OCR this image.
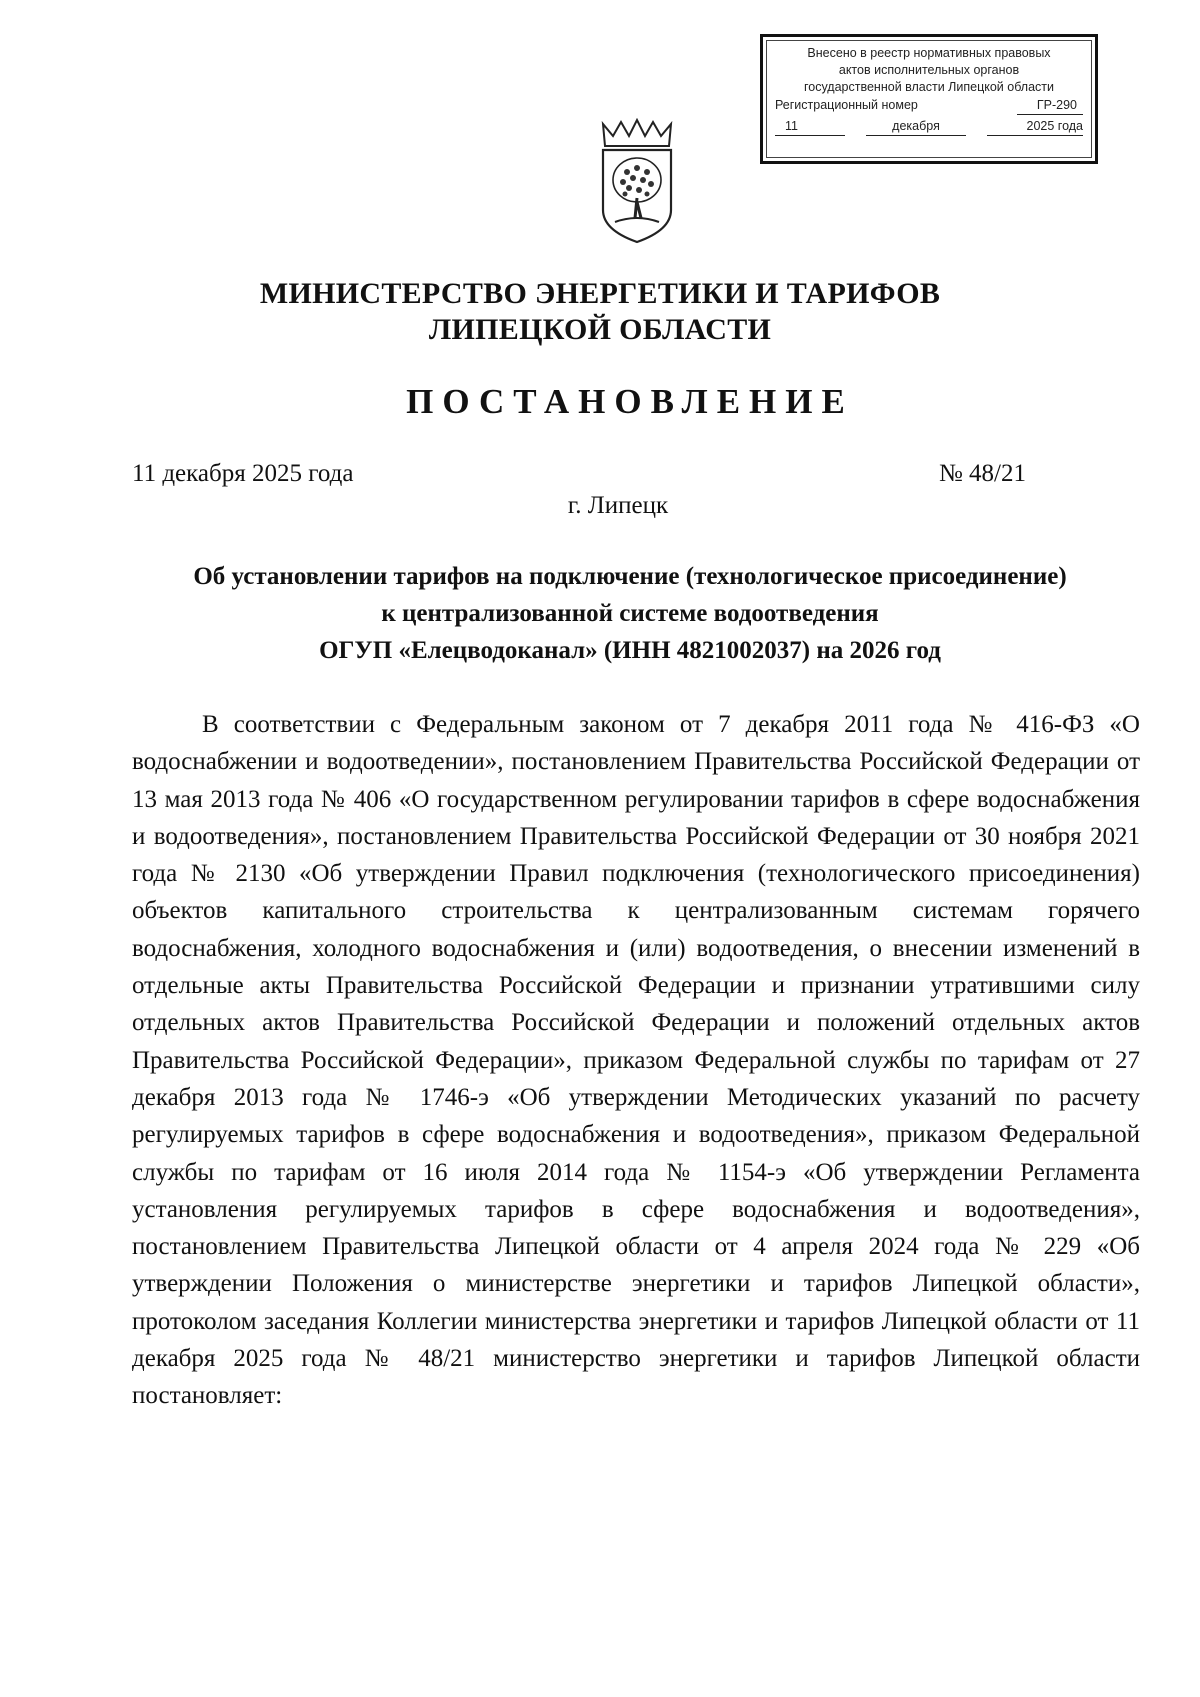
Внесено в реестр нормативных правовых
актов исполнительных органов
государственной власти Липецкой области
Регистрационный номер	ГР-290
11	декабря	2025 года
МИНИСТЕРСТВО ЭНЕРГЕТИКИ И ТАРИФОВ
ЛИПЕЦКОЙ ОБЛАСТИ
ПОСТАНОВЛЕНИЕ
11 декабря 2025 года	№ 48/21
г. Липецк
Об установлении тарифов на подключение (технологическое присоединение)
к централизованной системе водоотведения
ОГУП «Елецводоканал» (ИНН 4821002037) на 2026 год

В соответствии с Федеральным законом от 7 декабря 2011 года № 416-ФЗ «О водоснабжении и водоотведении», постановлением Правительства Российской Федерации от 13 мая 2013 года № 406 «О государственном регулировании тарифов в сфере водоснабжения и водоотведения», постановлением Правительства Российской Федерации от 30 ноября 2021 года № 2130 «Об утверждении Правил подключения (технологического присоединения) объектов капитального строительства к централизованным системам горячего водоснабжения, холодного водоснабжения и (или) водоотведения, о внесении изменений в отдельные акты Правительства Российской Федерации и признании утратившими силу отдельных актов Правительства Российской Федерации и положений отдельных актов Правительства Российской Федерации», приказом Федеральной службы по тарифам от 27 декабря 2013 года № 1746-э «Об утверждении Методических указаний по расчету регулируемых тарифов в сфере водоснабжения и водоотведения», приказом Федеральной службы по тарифам от 16 июля 2014 года № 1154-э «Об утверждении Регламента установления регулируемых тарифов в сфере водоснабжения и водоотведения», постановлением Правительства Липецкой области от 4 апреля 2024 года № 229 «Об утверждении Положения о министерстве энергетики и тарифов Липецкой области», протоколом заседания Коллегии министерства энергетики и тарифов Липецкой области от 11 декабря 2025 года № 48/21 министерство энергетики и тарифов Липецкой области постановляет:
